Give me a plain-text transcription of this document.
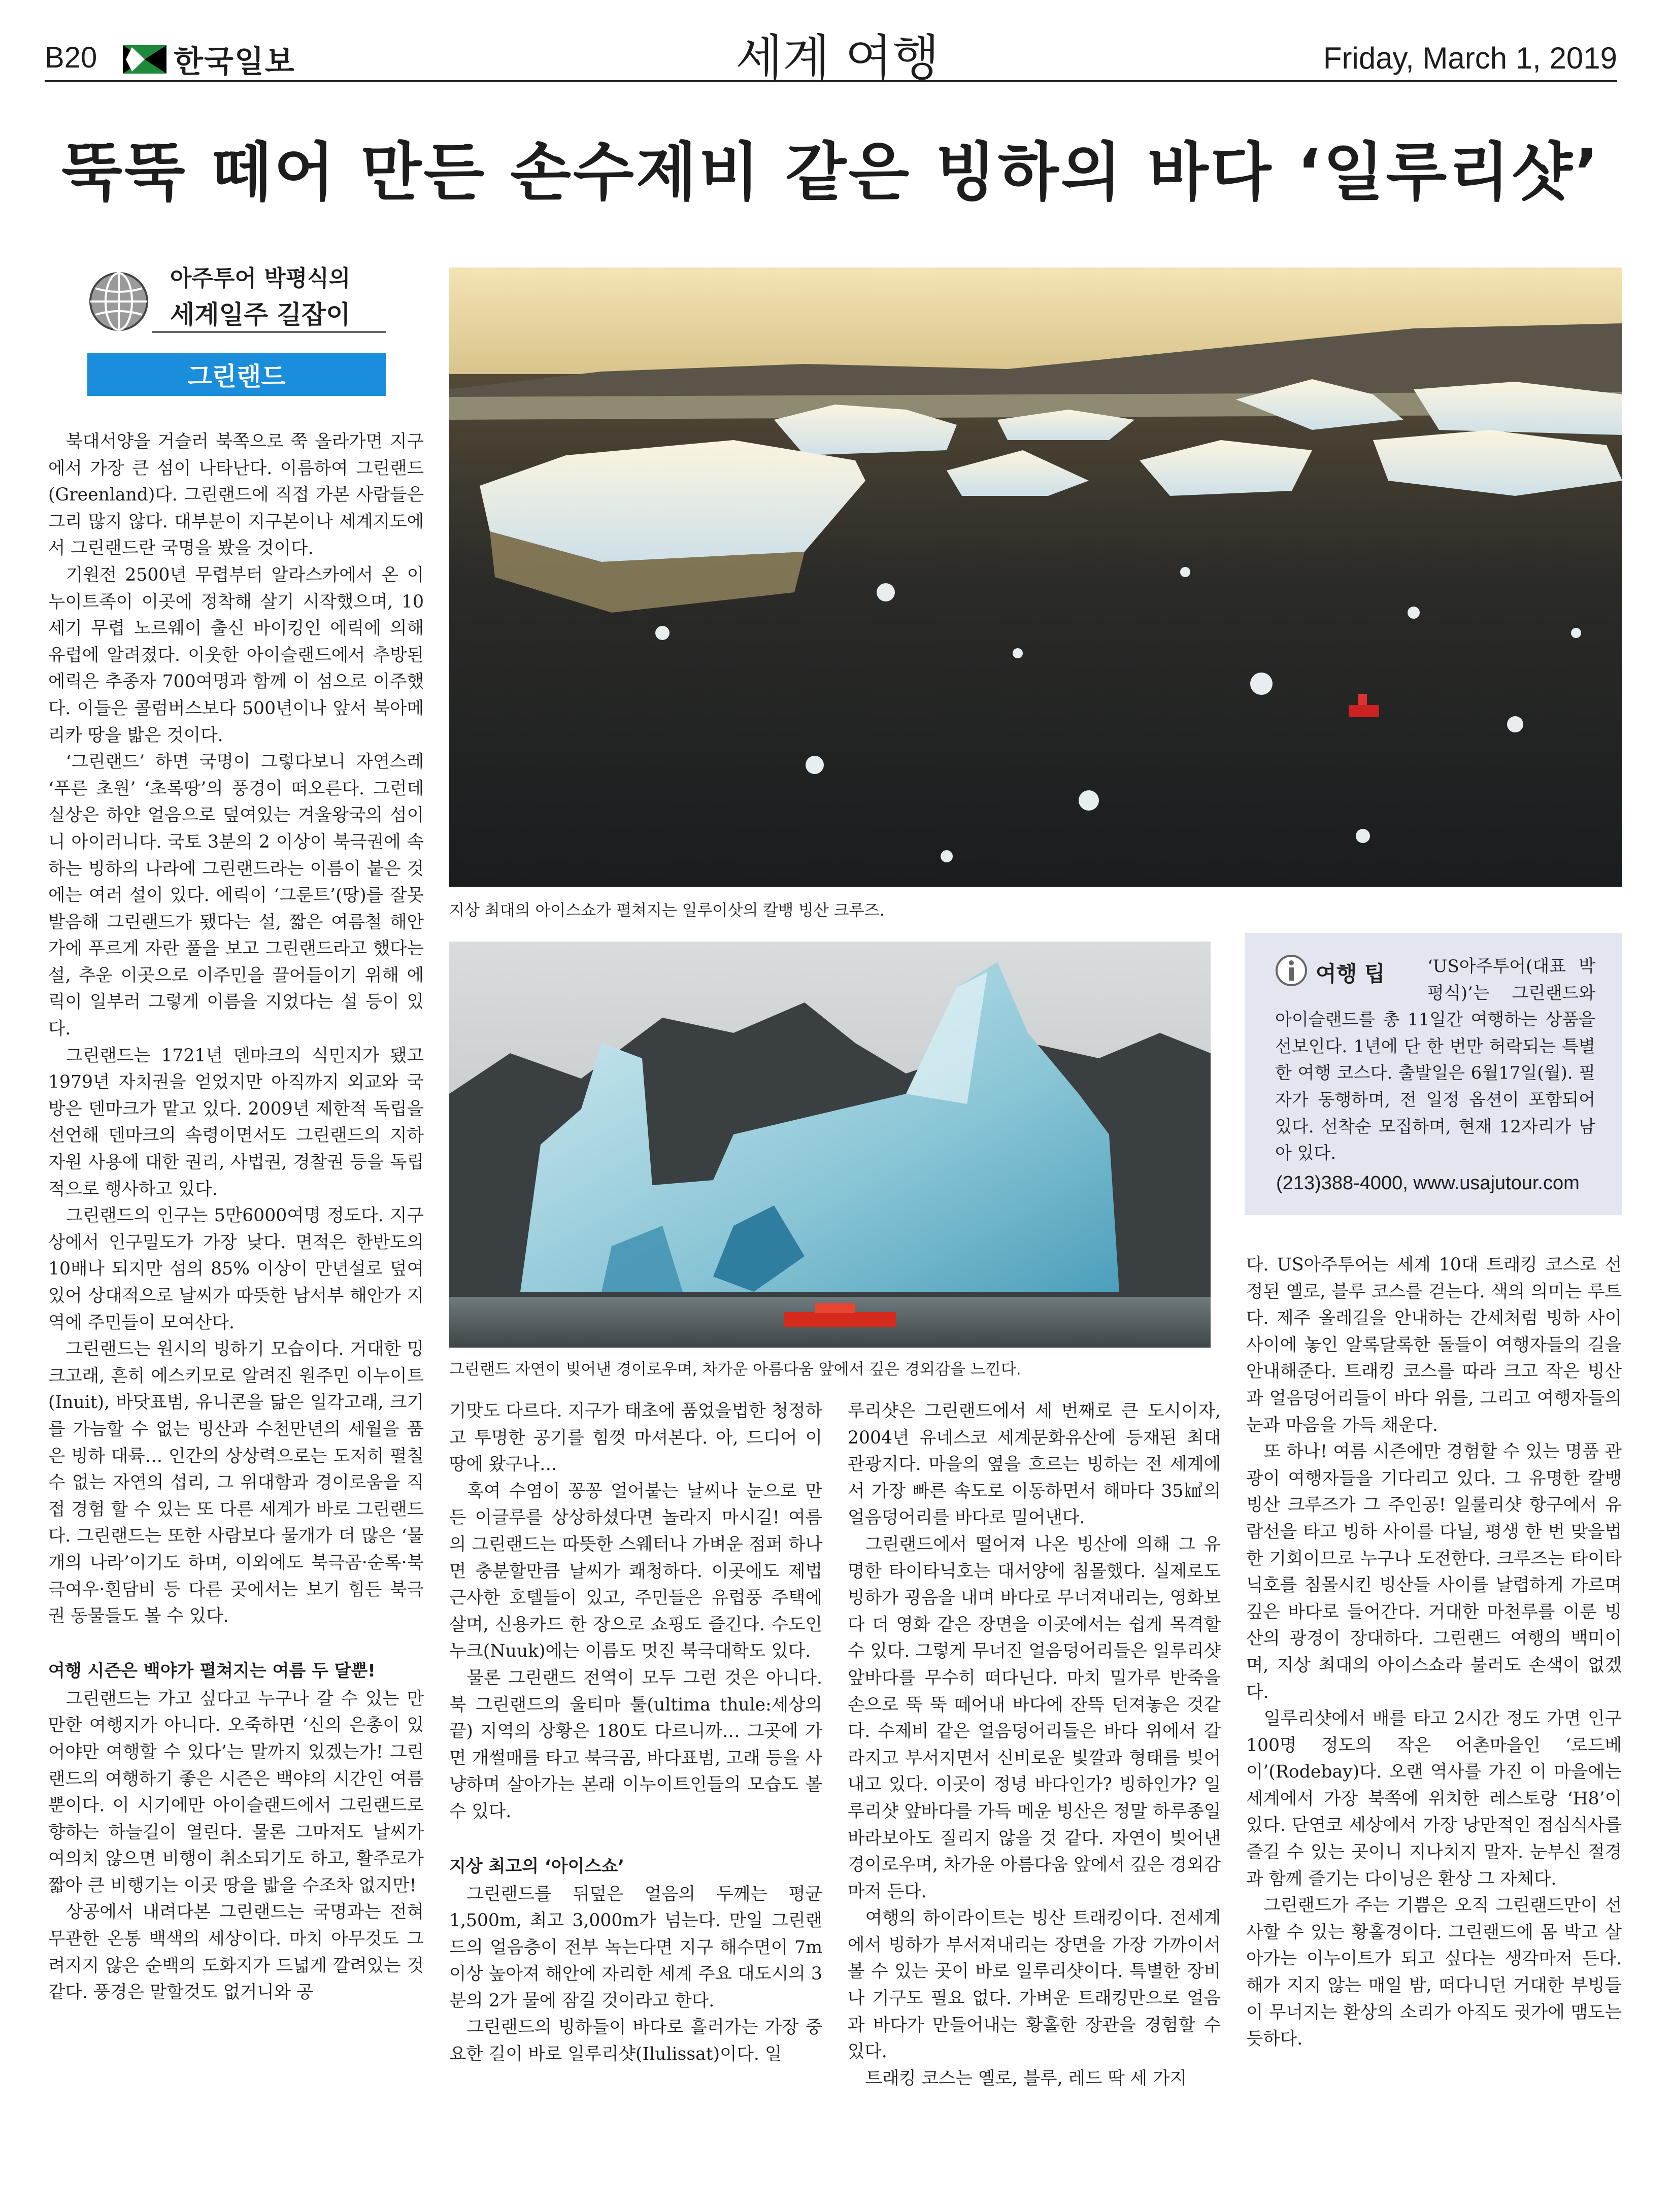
B20	한국일보	세계 여행	Friday, March 1, 2019
뚝뚝 떼어 만든 손수제비 같은 빙하의 바다 ‘일루리샷’
아주투어 박평식의
세계일주 길잡이
그린랜드
지상 최대의 아이스쇼가 펼쳐지는 일루이삿의 칼뱅 빙산 크루즈.
그린랜드 자연이 빚어낸 경이로우며, 차가운 아름다움 앞에서 깊은 경외감을 느낀다.
여행 팁	‘US아주투어(대표 박평식)’는 그린랜드와 아이슬랜드를 총 11일간 여행하는 상품을 선보인다. 1년에 단 한 번만 허락되는 특별한 여행 코스다. 출발일은 6월17일(월). 필자가 동행하며, 전 일정 옵션이 포함되어 있다. 선착순 모집하며, 현재 12자리가 남아 있다.
(213)388-4000, www.usajutour.com

북대서양을 거슬러 북쪽으로 쭉 올라가면 지구에서 가장 큰 섬이 나타난다. 이름하여 그린랜드(Greenland)다. 그린랜드에 직접 가본 사람들은 그리 많지 않다. 대부분이 지구본이나 세계지도에서 그린랜드란 국명을 봤을 것이다.

기원전 2500년 무렵부터 알라스카에서 온 이누이트족이 이곳에 정착해 살기 시작했으며, 10세기 무렵 노르웨이 출신 바이킹인 에릭에 의해 유럽에 알려졌다. 이웃한 아이슬랜드에서 추방된 에릭은 추종자 700여명과 함께 이 섬으로 이주했다. 이들은 콜럼버스보다 500년이나 앞서 북아메리카 땅을 밟은 것이다.

‘그린랜드’ 하면 국명이 그렇다보니 자연스레 ‘푸른 초원’ ‘초록땅’의 풍경이 떠오른다. 그런데 실상은 하얀 얼음으로 덮여있는 겨울왕국의 섬이니 아이러니다. 국토 3분의 2 이상이 북극권에 속하는 빙하의 나라에 그린랜드라는 이름이 붙은 것에는 여러 설이 있다. 에릭이 ‘그룬트’(땅)를 잘못 발음해 그린랜드가 됐다는 설, 짧은 여름철 해안가에 푸르게 자란 풀을 보고 그린랜드라고 했다는 설, 추운 이곳으로 이주민을 끌어들이기 위해 에릭이 일부러 그렇게 이름을 지었다는 설 등이 있다.

그린랜드는 1721년 덴마크의 식민지가 됐고 1979년 자치권을 얻었지만 아직까지 외교와 국방은 덴마크가 맡고 있다. 2009년 제한적 독립을 선언해 덴마크의 속령이면서도 그린랜드의 지하자원 사용에 대한 권리, 사법권, 경찰권 등을 독립적으로 행사하고 있다.

그린랜드의 인구는 5만6000여명 정도다. 지구상에서 인구밀도가 가장 낮다. 면적은 한반도의 10배나 되지만 섬의 85% 이상이 만년설로 덮여있어 상대적으로 날씨가 따뜻한 남서부 해안가 지역에 주민들이 모여산다.

그린랜드는 원시의 빙하기 모습이다. 거대한 밍크고래, 흔히 에스키모로 알려진 원주민 이누이트(Inuit), 바닷표범, 유니콘을 닮은 일각고래, 크기를 가늠할 수 없는 빙산과 수천만년의 세월을 품은 빙하 대륙… 인간의 상상력으로는 도저히 펼칠 수 없는 자연의 섭리, 그 위대함과 경이로움을 직접 경험 할 수 있는 또 다른 세계가 바로 그린랜드다. 그린랜드는 또한 사람보다 물개가 더 많은 ‘물개의 나라’이기도 하며, 이외에도 북극곰·순록·북극여우·흰담비 등 다른 곳에서는 보기 힘든 북극권 동물들도 볼 수 있다.

여행 시즌은 백야가 펼쳐지는 여름 두 달뿐!

그린랜드는 가고 싶다고 누구나 갈 수 있는 만만한 여행지가 아니다. 오죽하면 ‘신의 은총이 있어야만 여행할 수 있다’는 말까지 있겠는가! 그린랜드의 여행하기 좋은 시즌은 백야의 시간인 여름 뿐이다. 이 시기에만 아이슬랜드에서 그린랜드로 향하는 하늘길이 열린다. 물론 그마저도 날씨가 여의치 않으면 비행이 취소되기도 하고, 활주로가 짧아 큰 비행기는 이곳 땅을 밟을 수조차 없지만!

상공에서 내려다본 그린랜드는 국명과는 전혀 무관한 온통 백색의 세상이다. 마치 아무것도 그려지지 않은 순백의 도화지가 드넓게 깔려있는 것 같다. 풍경은 말할것도 없거니와 공

기맛도 다르다. 지구가 태초에 품었을법한 청정하고 투명한 공기를 힘껏 마셔본다. 아, 드디어 이 땅에 왔구나…

혹여 수염이 꽁꽁 얼어붙는 날씨나 눈으로 만든 이글루를 상상하셨다면 놀라지 마시길! 여름의 그린랜드는 따뜻한 스웨터나 가벼운 점퍼 하나면 충분할만큼 날씨가 쾌청하다. 이곳에도 제법 근사한 호텔들이 있고, 주민들은 유럽풍 주택에 살며, 신용카드 한 장으로 쇼핑도 즐긴다. 수도인 누크(Nuuk)에는 이름도 멋진 북극대학도 있다.

물론 그린랜드 전역이 모두 그런 것은 아니다. 북 그린랜드의 울티마 툴(ultima thule:세상의 끝) 지역의 상황은 180도 다르니까… 그곳에 가면 개썰매를 타고 북극곰, 바다표범, 고래 등을 사냥하며 살아가는 본래 이누이트인들의 모습도 볼 수 있다.

지상 최고의 ‘아이스쇼’

그린랜드를 뒤덮은 얼음의 두께는 평균 1,500m, 최고 3,000m가 넘는다. 만일 그린랜드의 얼음층이 전부 녹는다면 지구 해수면이 7m 이상 높아져 해안에 자리한 세계 주요 대도시의 3분의 2가 물에 잠길 것이라고 한다.

그린랜드의 빙하들이 바다로 흘러가는 가장 중요한 길이 바로 일루리샷(Ilulissat)이다. 일

루리샷은 그린랜드에서 세 번째로 큰 도시이자, 2004년 유네스코 세계문화유산에 등재된 최대 관광지다. 마을의 옆을 흐르는 빙하는 전 세계에서 가장 빠른 속도로 이동하면서 해마다 35㎦의 얼음덩어리를 바다로 밀어낸다.

그린랜드에서 떨어져 나온 빙산에 의해 그 유명한 타이타닉호는 대서양에 침몰했다. 실제로도 빙하가 굉음을 내며 바다로 무너져내리는, 영화보다 더 영화 같은 장면을 이곳에서는 쉽게 목격할 수 있다. 그렇게 무너진 얼음덩어리들은 일루리샷 앞바다를 무수히 떠다닌다. 마치 밀가루 반죽을 손으로 뚝 뚝 떼어내 바다에 잔뜩 던져놓은 것같다. 수제비 같은 얼음덩어리들은 바다 위에서 갈라지고 부서지면서 신비로운 빛깔과 형태를 빚어내고 있다. 이곳이 정녕 바다인가? 빙하인가? 일루리샷 앞바다를 가득 메운 빙산은 정말 하루종일 바라보아도 질리지 않을 것 같다. 자연이 빚어낸 경이로우며, 차가운 아름다움 앞에서 깊은 경외감마저 든다.

여행의 하이라이트는 빙산 트래킹이다. 전세계에서 빙하가 부서져내리는 장면을 가장 가까이서 볼 수 있는 곳이 바로 일루리샷이다. 특별한 장비나 기구도 필요 없다. 가벼운 트래킹만으로 얼음과 바다가 만들어내는 황홀한 장관을 경험할 수 있다.

트래킹 코스는 옐로, 블루, 레드 딱 세 가지

다. US아주투어는 세계 10대 트래킹 코스로 선정된 옐로, 블루 코스를 걷는다. 색의 의미는 루트다. 제주 올레길을 안내하는 간세처럼 빙하 사이사이에 놓인 알록달록한 돌들이 여행자들의 길을 안내해준다. 트래킹 코스를 따라 크고 작은 빙산과 얼음덩어리들이 바다 위를, 그리고 여행자들의 눈과 마음을 가득 채운다.

또 하나! 여름 시즌에만 경험할 수 있는 명품 관광이 여행자들을 기다리고 있다. 그 유명한 칼뱅 빙산 크루즈가 그 주인공! 일룰리샷 항구에서 유람선을 타고 빙하 사이를 다닐, 평생 한 번 맞을법한 기회이므로 누구나 도전한다. 크루즈는 타이타닉호를 침몰시킨 빙산들 사이를 날렵하게 가르며 깊은 바다로 들어간다. 거대한 마천루를 이룬 빙산의 광경이 장대하다. 그린랜드 여행의 백미이며, 지상 최대의 아이스쇼라 불러도 손색이 없겠다.

일루리샷에서 배를 타고 2시간 정도 가면 인구 100명 정도의 작은 어촌마을인 ‘로드베이’(Rodebay)다. 오랜 역사를 가진 이 마을에는 세계에서 가장 북쪽에 위치한 레스토랑 ‘H8’이 있다. 단연코 세상에서 가장 낭만적인 점심식사를 즐길 수 있는 곳이니 지나치지 말자. 눈부신 절경과 함께 즐기는 다이닝은 환상 그 자체다.

그린랜드가 주는 기쁨은 오직 그린랜드만이 선사할 수 있는 황홀경이다. 그린랜드에 몸 박고 살아가는 이누이트가 되고 싶다는 생각마저 든다. 해가 지지 않는 매일 밤, 떠다니던 거대한 부빙들이 무너지는 환상의 소리가 아직도 귓가에 맴도는 듯하다.
